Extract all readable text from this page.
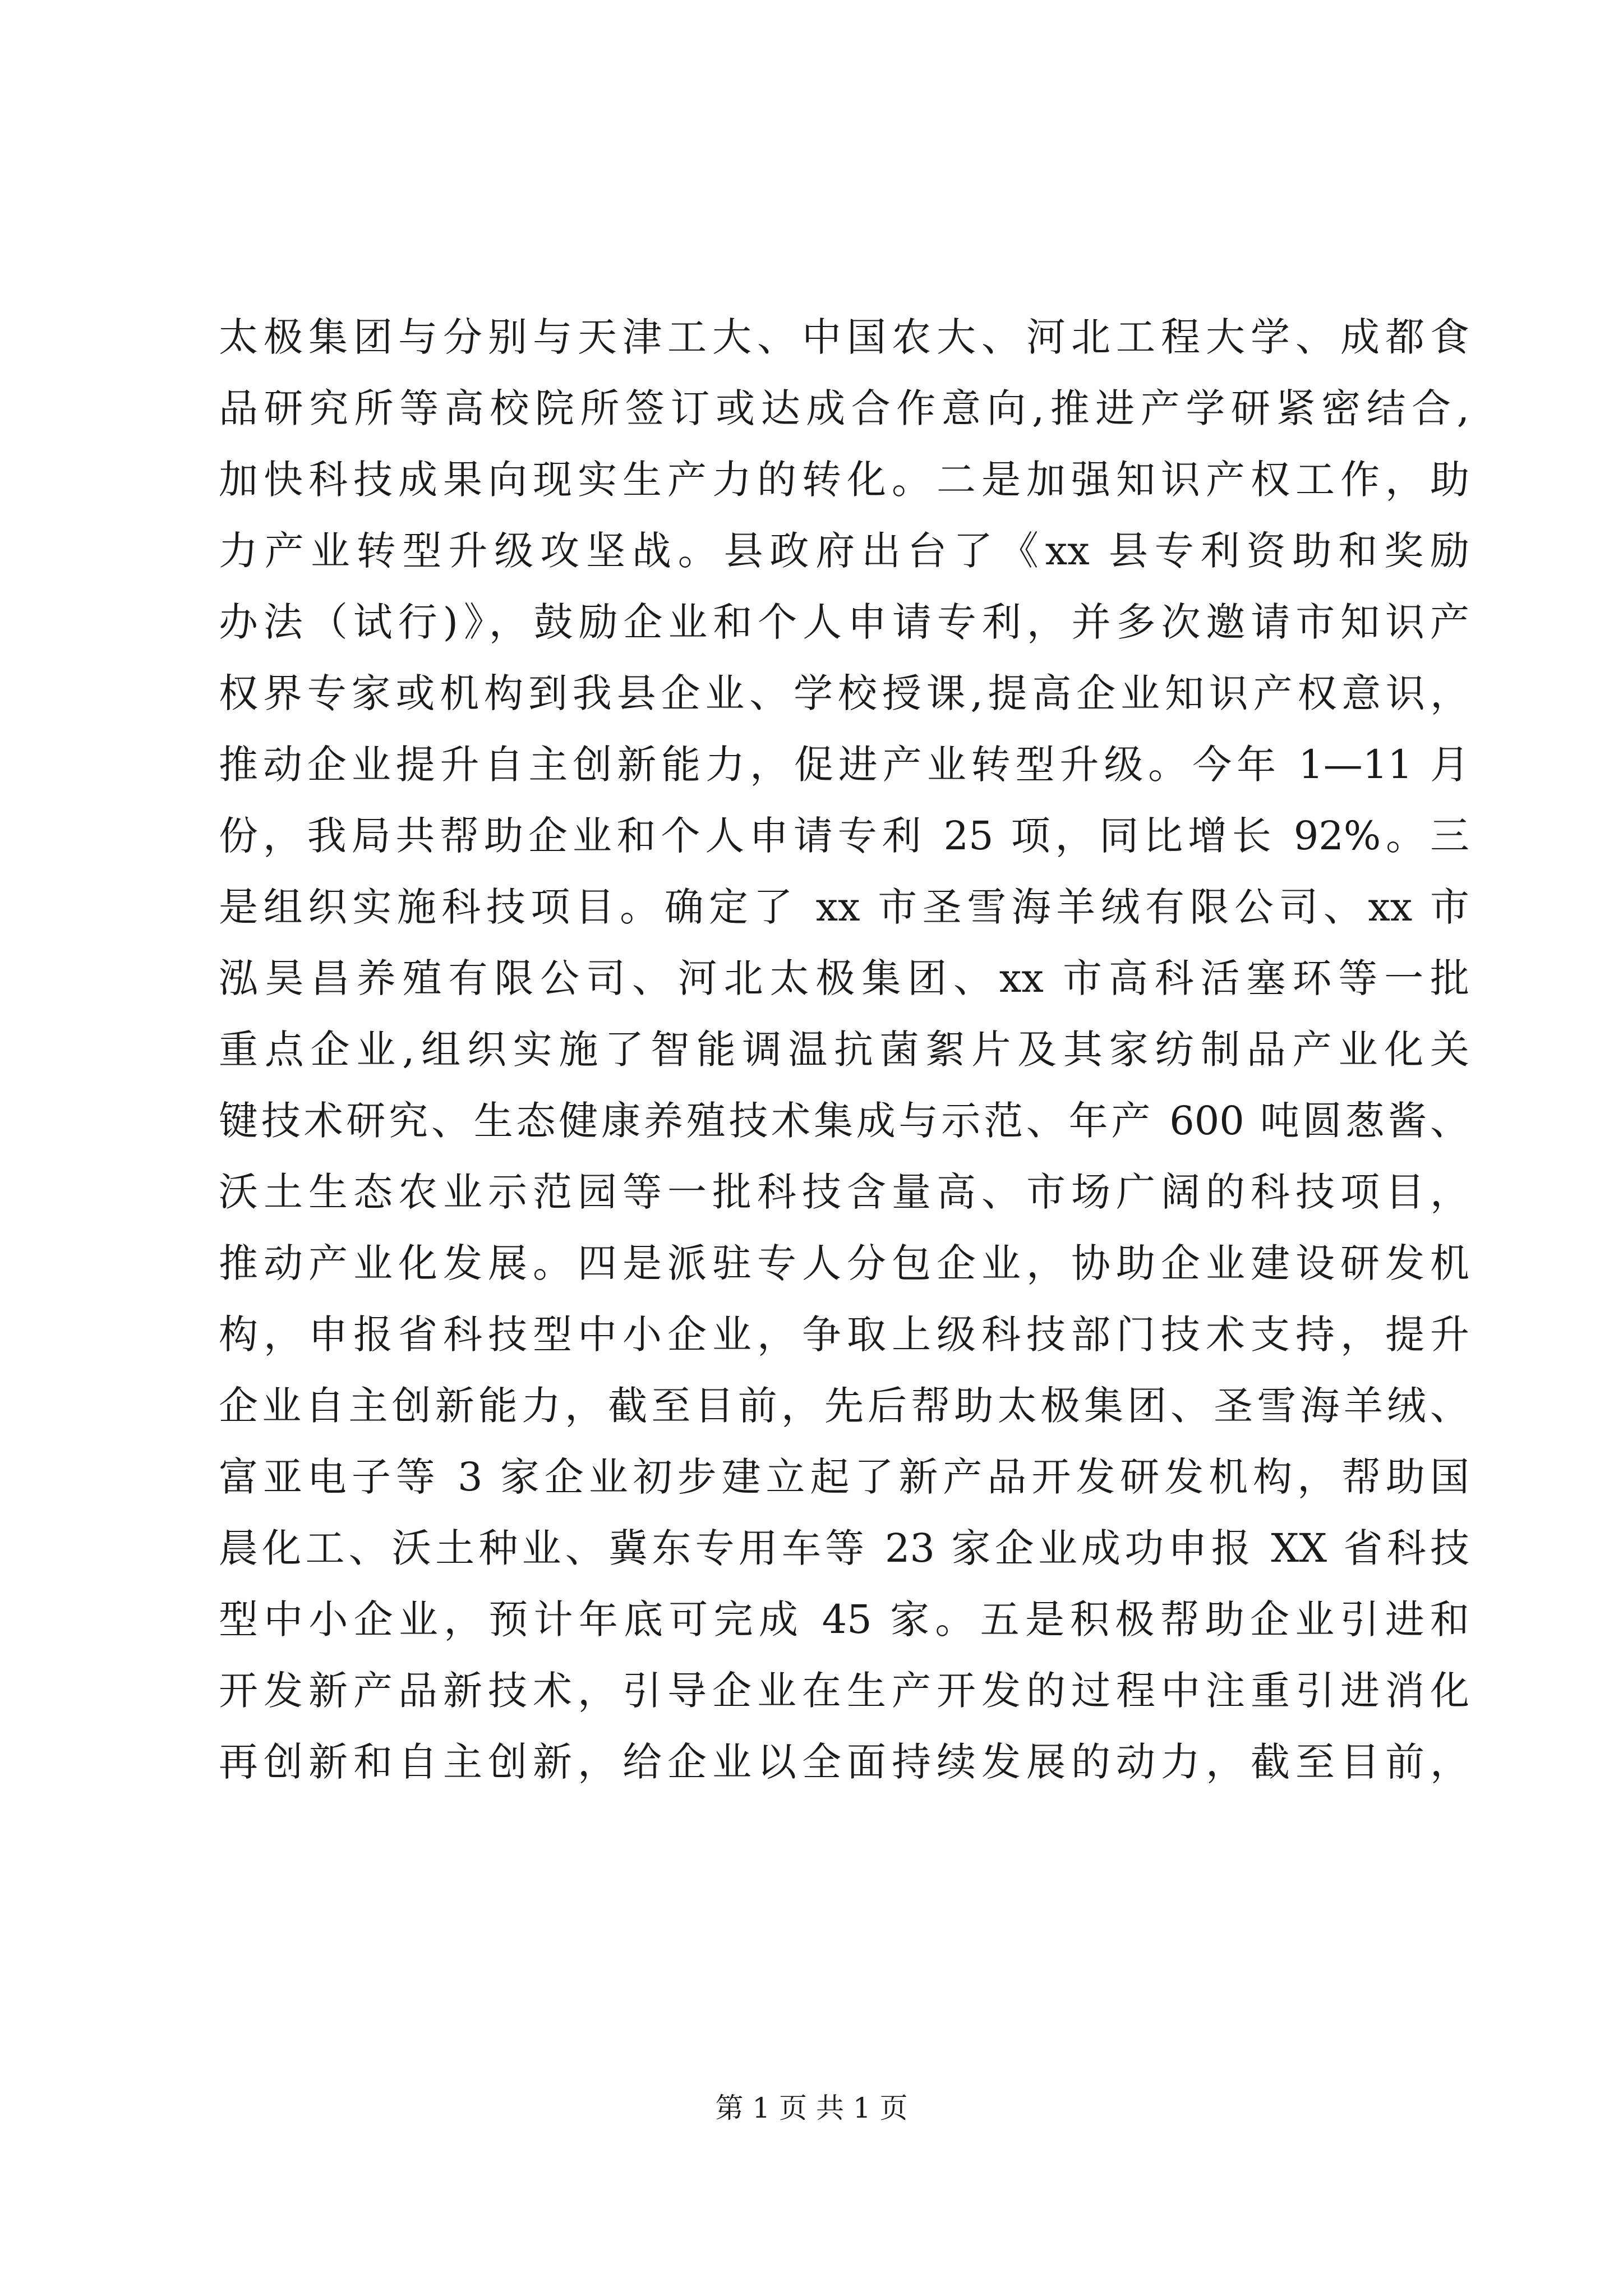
太极集团与分别与天津工大、中国农大、河北工程大学、成都食
品研究所等高校院所签订或达成合作意向,推进产学研紧密结合,
加快科技成果向现实生产力的转化。二是加强知识产权工作，助
力产业转型升级攻坚战。县政府出台了《xx 县专利资助和奖励
办法（试行)》，鼓励企业和个人申请专利，并多次邀请市知识产
权界专家或机构到我县企业、学校授课,提高企业知识产权意识，
推动企业提升自主创新能力，促进产业转型升级。今年 1—11 月
份，我局共帮助企业和个人申请专利 25 项，同比增长 92%。三
是组织实施科技项目。确定了 xx 市圣雪海羊绒有限公司、xx 市
泓昊昌养殖有限公司、河北太极集团、xx 市高科活塞环等一批
重点企业,组织实施了智能调温抗菌絮片及其家纺制品产业化关
键技术研究、生态健康养殖技术集成与示范、年产 600 吨圆葱酱、
沃土生态农业示范园等一批科技含量高、市场广阔的科技项目，
推动产业化发展。四是派驻专人分包企业，协助企业建设研发机
构，申报省科技型中小企业，争取上级科技部门技术支持，提升
企业自主创新能力，截至目前，先后帮助太极集团、圣雪海羊绒、
富亚电子等 3 家企业初步建立起了新产品开发研发机构，帮助国
晨化工、沃土种业、冀东专用车等 23 家企业成功申报 XX 省科技
型中小企业，预计年底可完成 45 家。五是积极帮助企业引进和
开发新产品新技术，引导企业在生产开发的过程中注重引进消化
再创新和自主创新，给企业以全面持续发展的动力，截至目前，
第 1 页 共 1 页
